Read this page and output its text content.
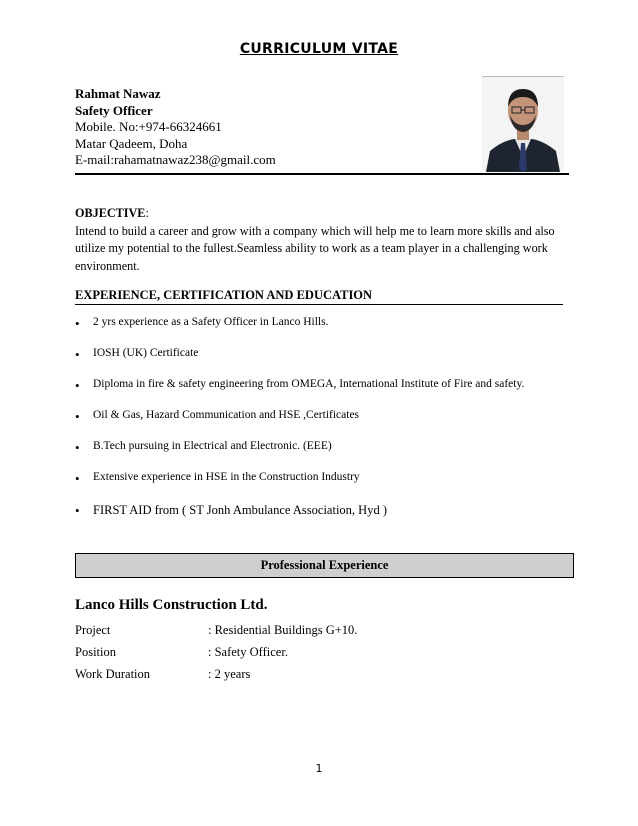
CURRICULUM VITAE
Rahmat Nawaz
Safety Officer
Mobile. No:+974-66324661
Matar Qadeem, Doha
E-mail:rahamatnawaz238@gmail.com
OBJECTIVE:
Intend to build a career and grow with a company which will help me to learn more skills and also utilize my potential to the fullest.Seamless ability to work as a team player in a challenging work environment.
EXPERIENCE, CERTIFICATION AND EDUCATION
• 2 yrs experience as a Safety Officer in Lanco Hills.
• IOSH (UK) Certificate
• Diploma in fire & safety engineering from OMEGA, International Institute of Fire and safety.
• Oil & Gas, Hazard Communication and HSE ,Certificates
• B.Tech pursuing in Electrical and Electronic. (EEE)
• Extensive experience in HSE in the Construction Industry
• FIRST AID from ( ST Jonh Ambulance Association, Hyd )
Professional Experience
Lanco Hills Construction Ltd.
Project	: Residential Buildings G+10.
Position	: Safety Officer.
Work Duration	: 2 years
1
